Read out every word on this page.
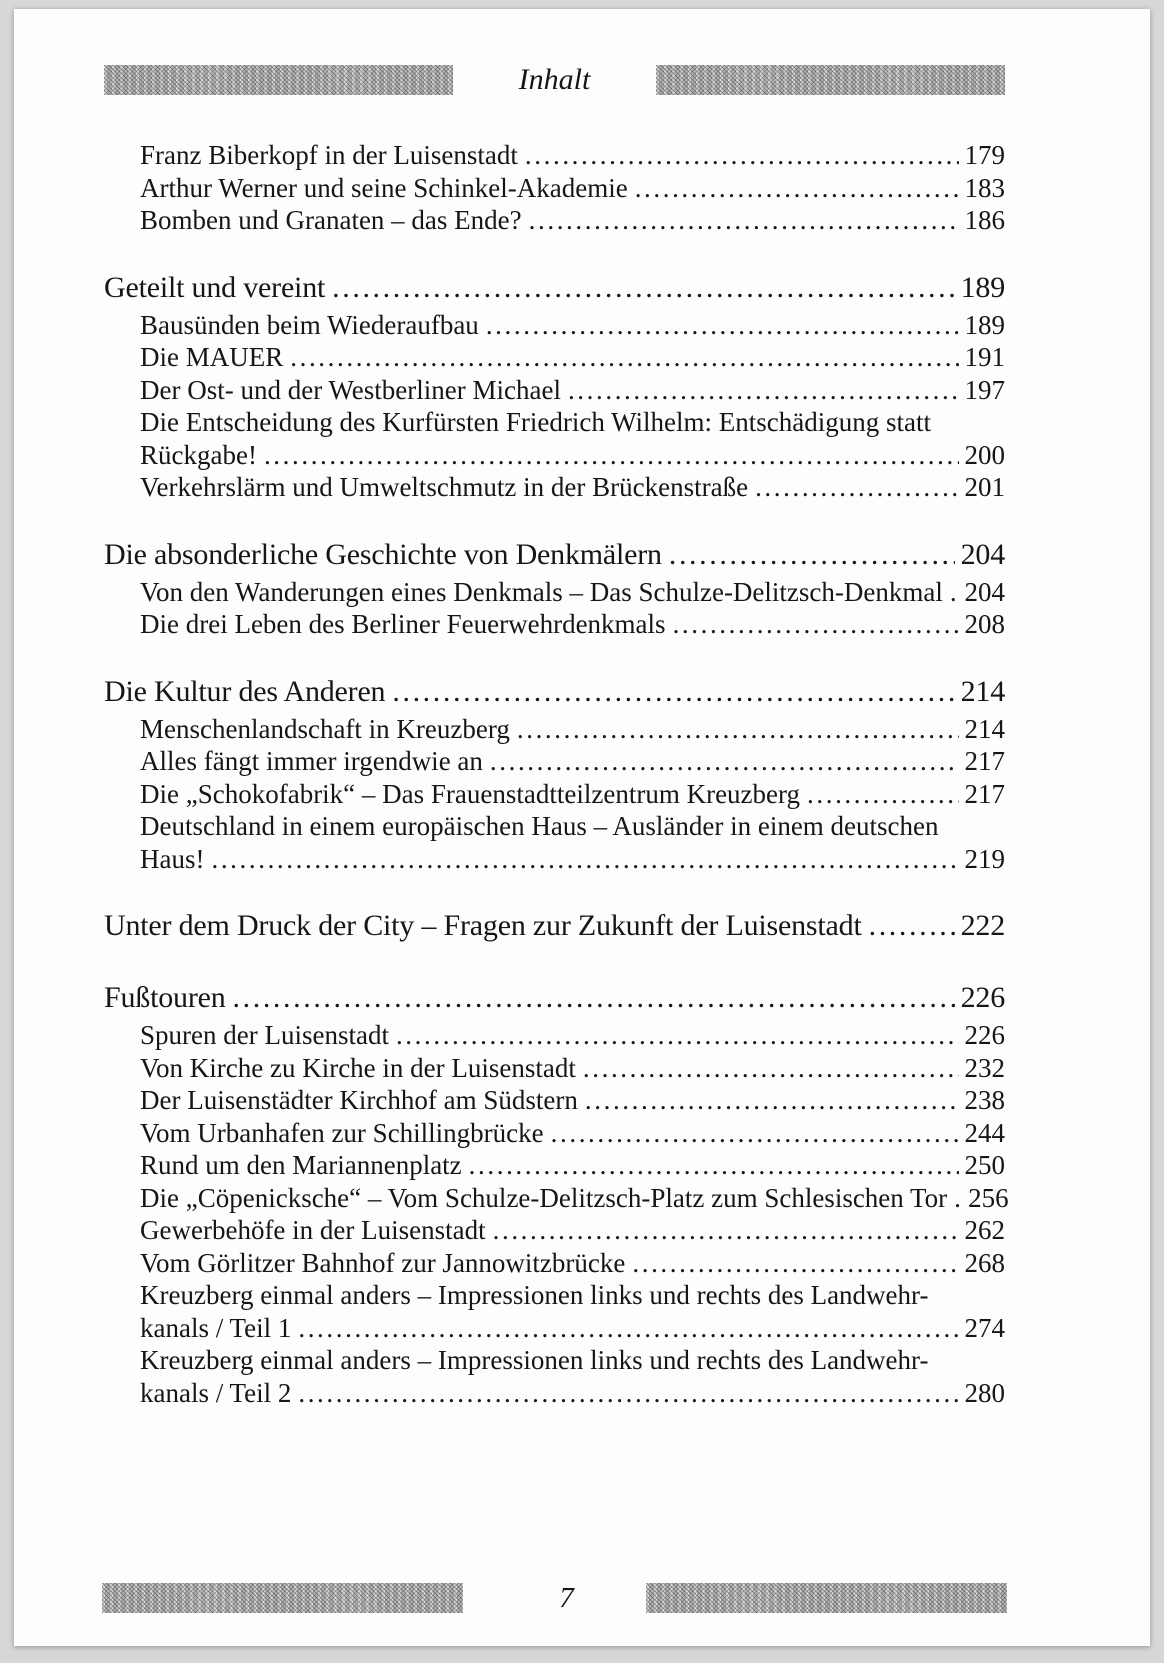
Inhalt
Franz Biberkopf in der Luisenstadt .....	179
Arthur Werner und seine Schinkel-Akademie .....	183
Bomben und Granaten – das Ende? .....	186
Geteilt und vereint .....	189
Bausünden beim Wiederaufbau .....	189
Die MAUER .....	191
Der Ost- und der Westberliner Michael .....	197
Die Entscheidung des Kurfürsten Friedrich Wilhelm: Entschädigung statt
Rückgabe! .....	200
Verkehrslärm und Umweltschmutz in der Brückenstraße .....	201
Die absonderliche Geschichte von Denkmälern .....	204
Von den Wanderungen eines Denkmals – Das Schulze-Delitzsch-Denkmal ..... 204
Die drei Leben des Berliner Feuerwehrdenkmals .....	208
Die Kultur des Anderen .....	214
Menschenlandschaft in Kreuzberg .....	214
Alles fängt immer irgendwie an .....	217
Die „Schokofabrik“ – Das Frauenstadtteilzentrum Kreuzberg .....	217
Deutschland in einem europäischen Haus – Ausländer in einem deutschen
Haus! .....	219
Unter dem Druck der City – Fragen zur Zukunft der Luisenstadt .....	222
Fußtouren .....	226
Spuren der Luisenstadt .....	226
Von Kirche zu Kirche in der Luisenstadt .....	232
Der Luisenstädter Kirchhof am Südstern .....	238
Vom Urbanhafen zur Schillingbrücke .....	244
Rund um den Mariannenplatz .....	250
Die „Cöpenicksche“ – Vom Schulze-Delitzsch-Platz zum Schlesischen Tor ..... 256
Gewerbehöfe in der Luisenstadt .....	262
Vom Görlitzer Bahnhof zur Jannowitzbrücke .....	268
Kreuzberg einmal anders – Impressionen links und rechts des Landwehr-
kanals / Teil 1 .....	274
Kreuzberg einmal anders – Impressionen links und rechts des Landwehr-
kanals / Teil 2 .....	280
7
